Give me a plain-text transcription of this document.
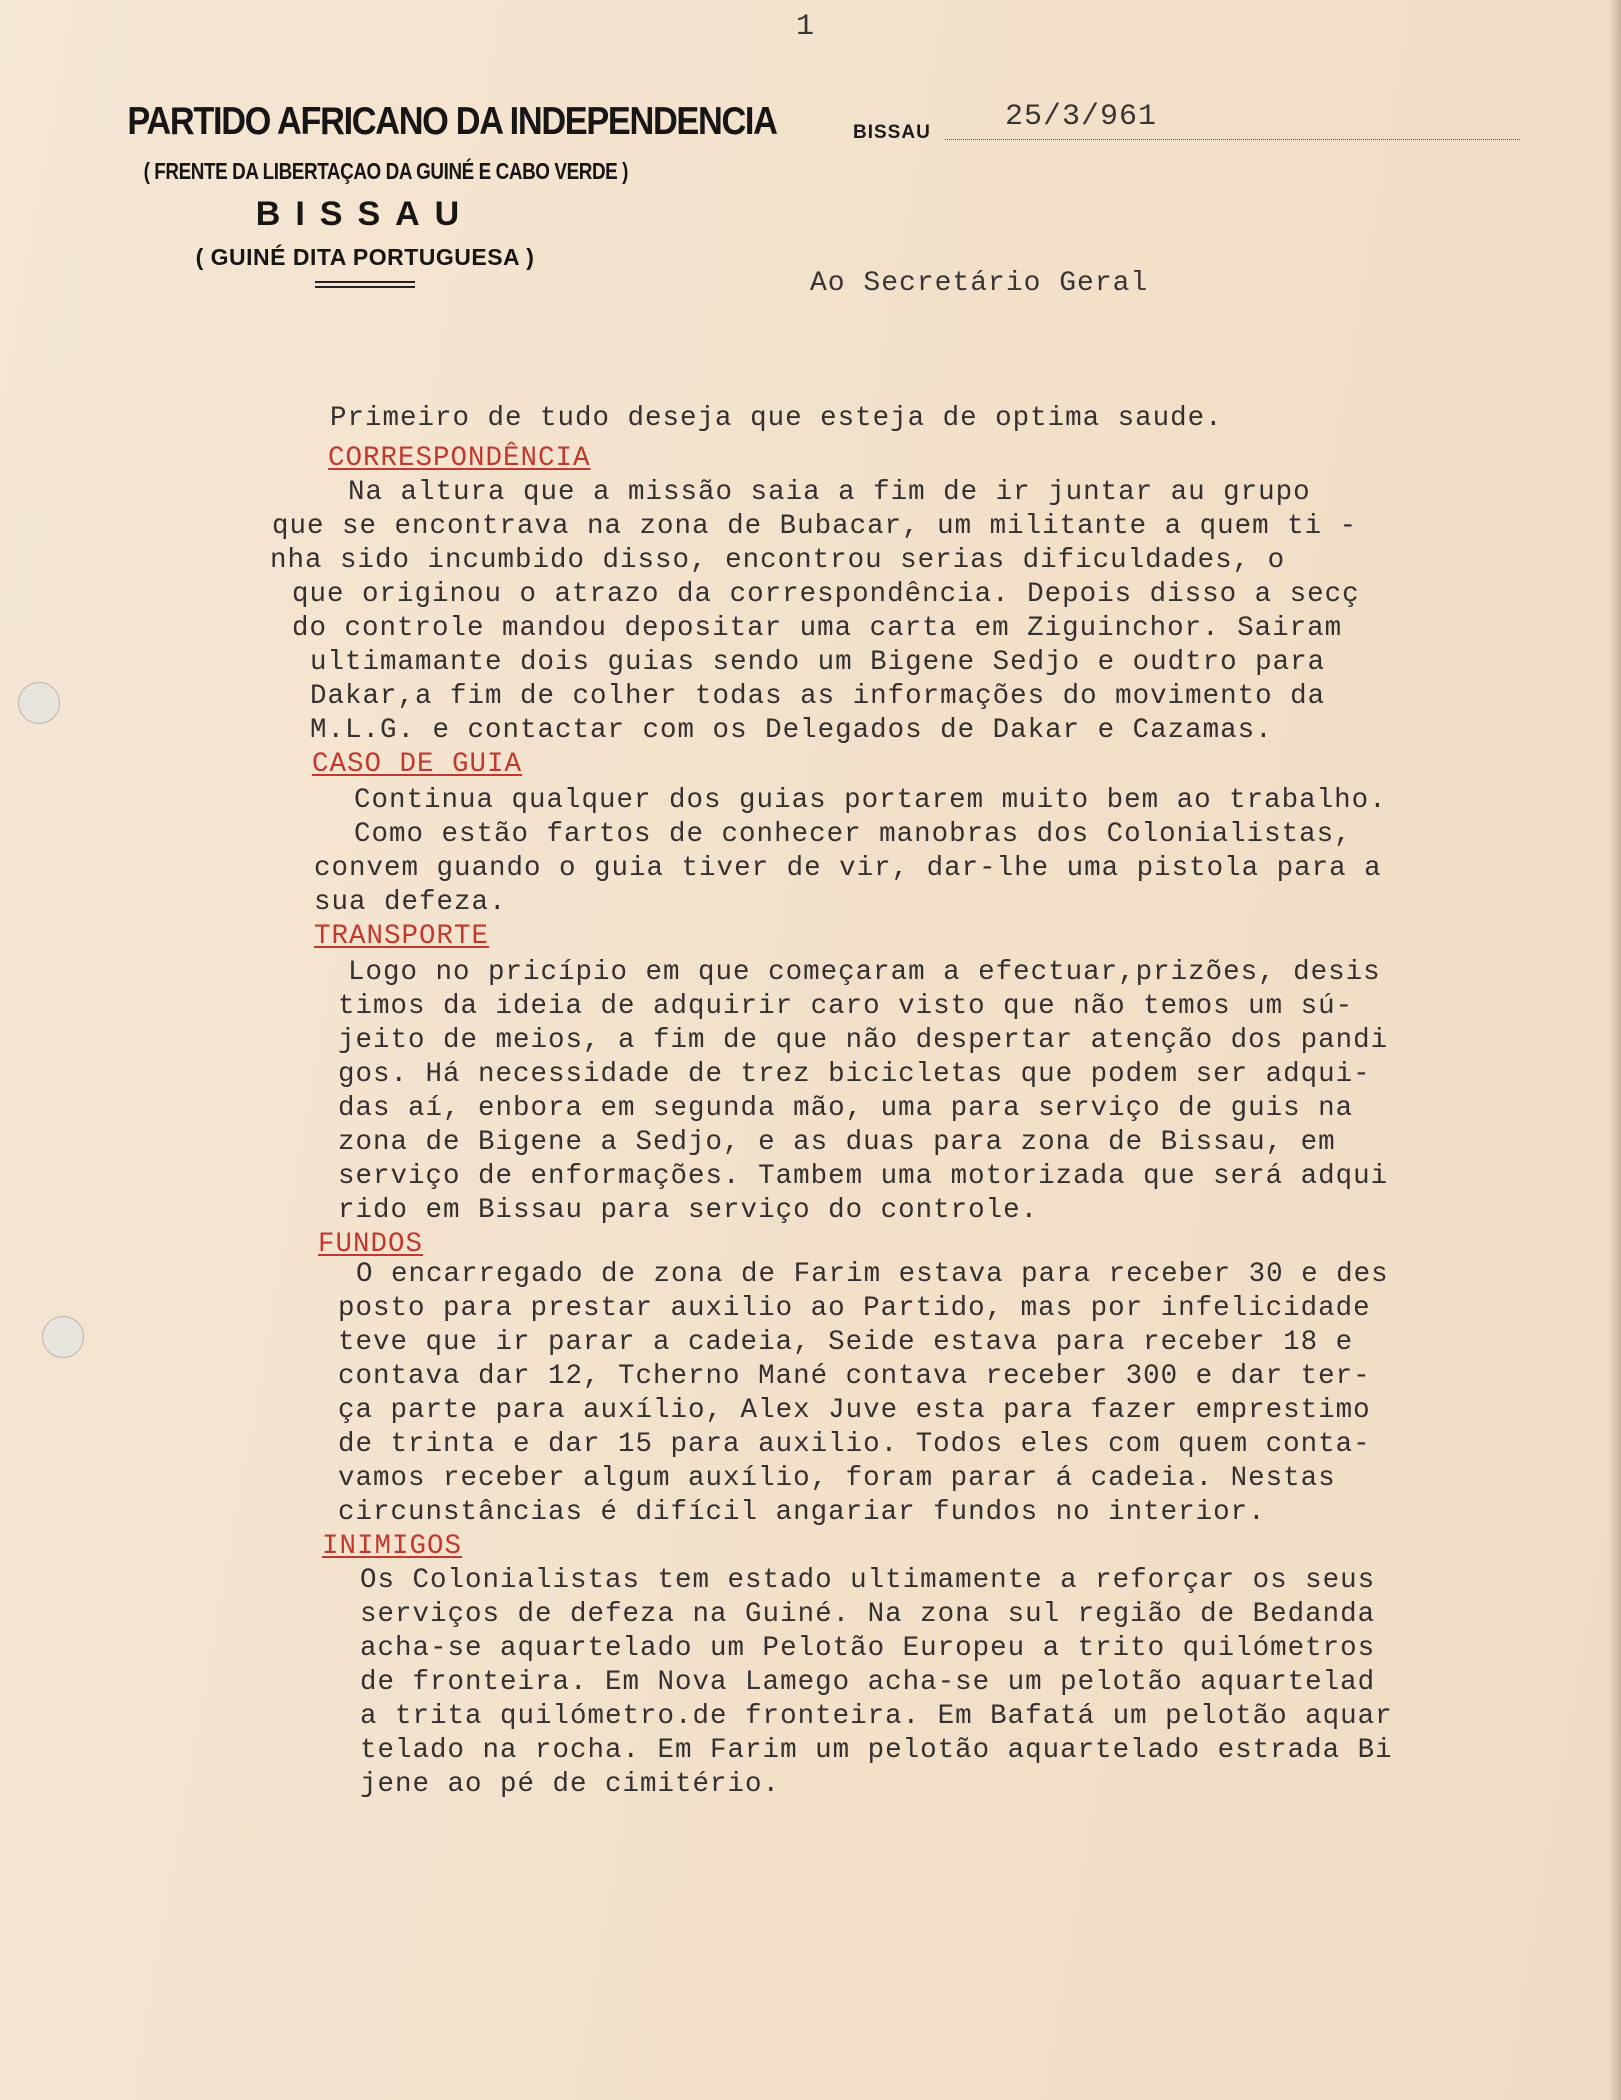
1
PARTIDO AFRICANO DA INDEPENDENCIA
( FRENTE DA LIBERTAÇAO DA GUINÉ E CABO VERDE )
BISSAU
( GUINÉ DITA PORTUGUESA )
BISSAU 25/3/961
Ao Secretário Geral
Primeiro de tudo deseja que esteja de optima saude.
CORRESPONDÊNCIA
Na altura que a missão saia a fim de ir juntar au grupo
que se encontrava na zona de Bubacar, um militante a quem ti -
nha sido incumbido disso, encontrou serias dificuldades, o
que originou o atrazo da correspondência. Depois disso a secç
do controle mandou depositar uma carta em Ziguinchor. Sairam
ultimamante dois guias sendo um Bigene Sedjo e oudtro para
Dakar,a fim de colher todas as informações do movimento da
M.L.G. e contactar com os Delegados de Dakar e Cazamas.
CASO DE GUIA
Continua qualquer dos guias portarem muito bem ao trabalho.
Como estão fartos de conhecer manobras dos Colonialistas,
convem guando o guia tiver de vir, dar-lhe uma pistola para a
sua defeza.
TRANSPORTE
Logo no pricípio em que começaram a efectuar,prizões, desis
timos da ideia de adquirir caro visto que não temos um sú-
jeito de meios, a fim de que não despertar atenção dos pandi
gos. Há necessidade de trez bicicletas que podem ser adqui-
das aí, enbora em segunda mão, uma para serviço de guis na
zona de Bigene a Sedjo, e as duas para zona de Bissau, em
serviço de enformações. Tambem uma motorizada que será adqui
rido em Bissau para serviço do controle.
FUNDOS
O encarregado de zona de Farim estava para receber 30 e des
posto para prestar auxilio ao Partido, mas por infelicidade
teve que ir parar a cadeia, Seide estava para receber 18 e
contava dar 12, Tcherno Mané contava receber 300 e dar ter-
ça parte para auxílio, Alex Juve esta para fazer emprestimo
de trinta e dar 15 para auxilio. Todos eles com quem conta-
vamos receber algum auxílio, foram parar á cadeia. Nestas
circunstâncias é difícil angariar fundos no interior.
INIMIGOS
Os Colonialistas tem estado ultimamente a reforçar os seus
serviços de defeza na Guiné. Na zona sul região de Bedanda
acha-se aquartelado um Pelotão Europeu a trito quilómetros
de fronteira. Em Nova Lamego acha-se um pelotão aquartelad
a trita quilómetro.de fronteira. Em Bafatá um pelotão aquar
telado na rocha. Em Farim um pelotão aquartelado estrada Bi
jene ao pé de cimitério.
